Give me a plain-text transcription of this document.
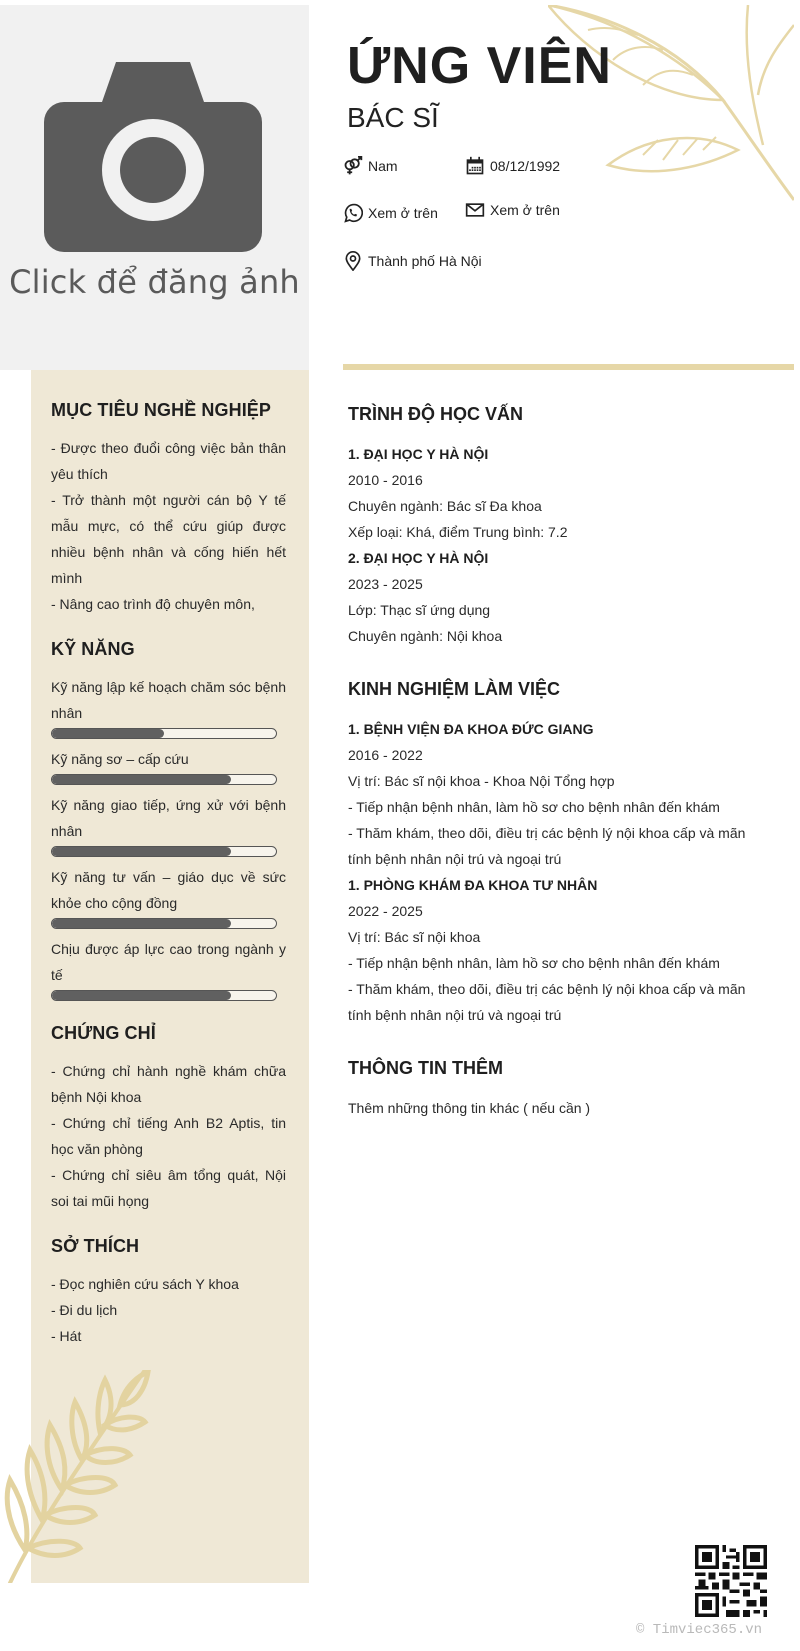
Click để đăng ảnh
ỨNG VIÊN
BÁC SĨ
Nam	08/12/1992
Xem ở trên	Xem ở trên
Thành phố Hà Nội
MỤC TIÊU NGHỀ NGHIỆP
- Được theo đuổi công việc bản thân yêu thích
- Trở thành một người cán bộ Y tế mẫu mực, có thể cứu giúp được nhiều bệnh nhân và cống hiến hết mình
- Nâng cao trình độ chuyên môn,
KỸ NĂNG
Kỹ năng lập kế hoạch chăm sóc bệnh nhân
Kỹ năng sơ – cấp cứu
Kỹ năng giao tiếp, ứng xử với bệnh nhân
Kỹ năng tư vấn – giáo dục về sức khỏe cho cộng đồng
Chịu được áp lực cao trong ngành y tế
CHỨNG CHỈ
- Chứng chỉ hành nghề khám chữa bệnh Nội khoa
- Chứng chỉ tiếng Anh B2 Aptis, tin học văn phòng
- Chứng chỉ siêu âm tổng quát, Nội soi tai mũi họng
SỞ THÍCH
- Đọc nghiên cứu sách Y khoa
- Đi du lịch
- Hát
TRÌNH ĐỘ HỌC VẤN
1. ĐẠI HỌC Y HÀ NỘI
2010 - 2016
Chuyên ngành: Bác sĩ Đa khoa
Xếp loại: Khá, điểm Trung bình: 7.2
2. ĐẠI HỌC Y HÀ NỘI
2023 - 2025
Lớp: Thạc sĩ ứng dụng
Chuyên ngành: Nội khoa
KINH NGHIỆM LÀM VIỆC
1. BỆNH VIỆN ĐA KHOA ĐỨC GIANG
2016 - 2022
Vị trí: Bác sĩ nội khoa - Khoa Nội Tổng hợp
- Tiếp nhận bệnh nhân, làm hồ sơ cho bệnh nhân đến khám
- Thăm khám, theo dõi, điều trị các bệnh lý nội khoa cấp và mãn tính bệnh nhân nội trú và ngoại trú
1. PHÒNG KHÁM ĐA KHOA TƯ NHÂN
2022 - 2025
Vị trí: Bác sĩ nội khoa
- Tiếp nhận bệnh nhân, làm hồ sơ cho bệnh nhân đến khám
- Thăm khám, theo dõi, điều trị các bệnh lý nội khoa cấp và mãn tính bệnh nhân nội trú và ngoại trú
THÔNG TIN THÊM
Thêm những thông tin khác ( nếu cần )
© Timviec365.vn
